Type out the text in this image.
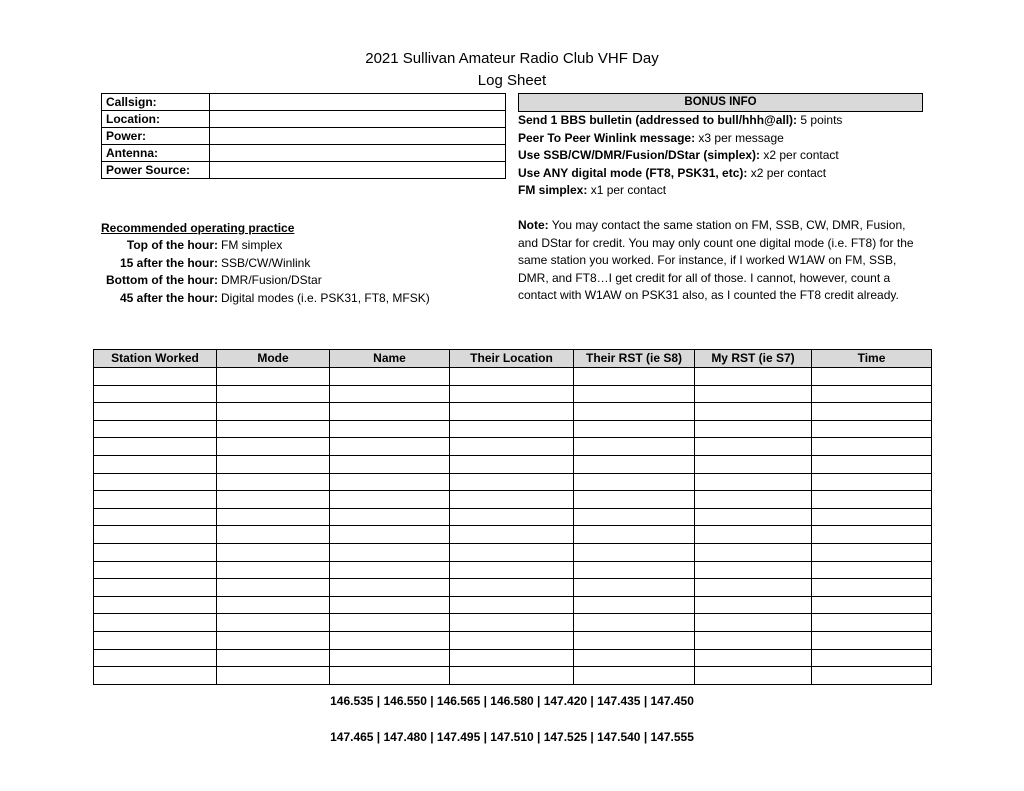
2021 Sullivan Amateur Radio Club VHF Day
Log Sheet
Callsign:	
Location:	
Power:	
Antenna:	
Power Source:	
BONUS INFO
Send 1 BBS bulletin (addressed to bull/hhh@all): 5 points
Peer To Peer Winlink message: x3 per message
Use SSB/CW/DMR/Fusion/DStar (simplex): x2 per contact
Use ANY digital mode (FT8, PSK31, etc): x2 per contact
FM simplex: x1 per contact
Recommended operating practice
Top of the hour: FM simplex
15 after the hour: SSB/CW/Winlink
Bottom of the hour: DMR/Fusion/DStar
45 after the hour: Digital modes (i.e. PSK31, FT8, MFSK)
Note: You may contact the same station on FM, SSB, CW, DMR, Fusion, and DStar for credit. You may only count one digital mode (i.e. FT8) for the same station you worked. For instance, if I worked W1AW on FM, SSB, DMR, and FT8…I get credit for all of those. I cannot, however, count a contact with W1AW on PSK31 also, as I counted the FT8 credit already.
Station Worked	Mode	Name	Their Location	Their RST (ie S8)	My RST (ie S7)	Time

146.535 | 146.550 | 146.565 | 146.580 | 147.420 | 147.435 | 147.450
147.465 | 147.480 | 147.495 | 147.510 | 147.525 | 147.540 | 147.555
